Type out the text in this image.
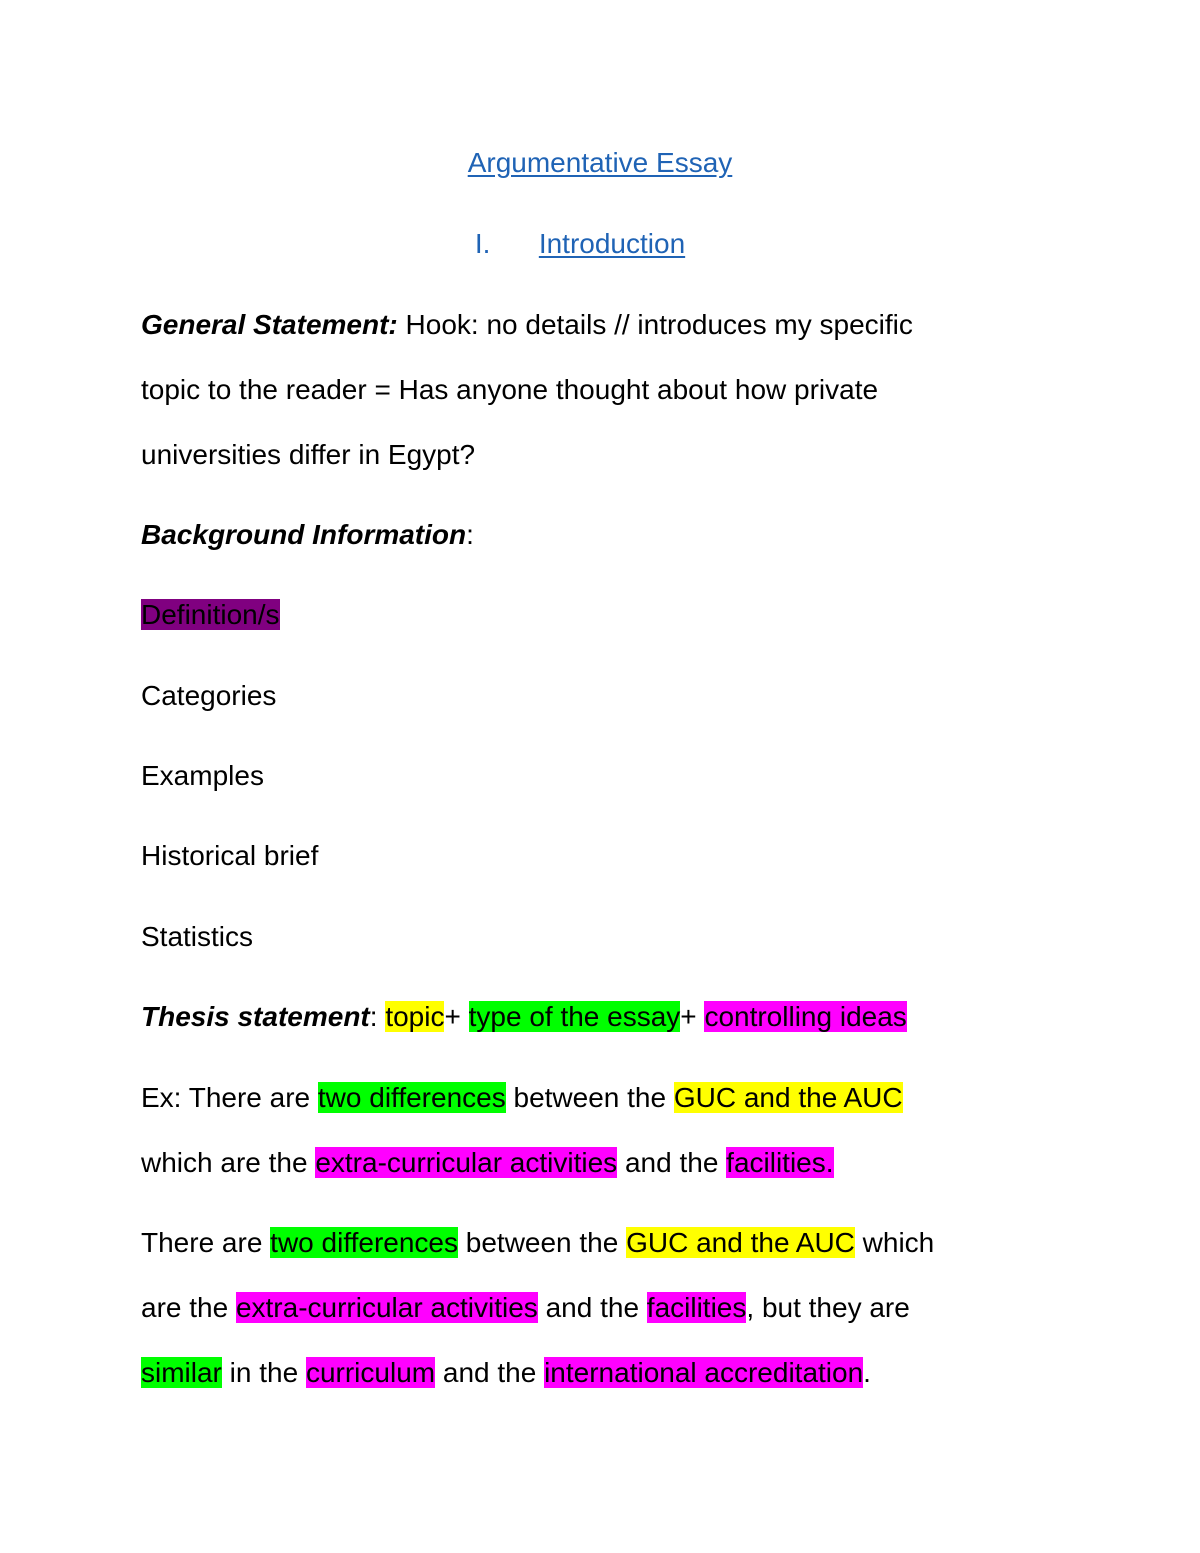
Argumentative Essay
I. Introduction
General Statement: Hook: no details // introduces my specific
topic to the reader = Has anyone thought about how private
universities differ in Egypt?
Background Information:
Definition/s
Categories
Examples
Historical brief
Statistics
Thesis statement: topic+ type of the essay+ controlling ideas
Ex: There are two differences between the GUC and the AUC
which are the extra-curricular activities and the facilities.
There are two differences between the GUC and the AUC which
are the extra-curricular activities and the facilities, but they are
similar in the curriculum and the international accreditation.
